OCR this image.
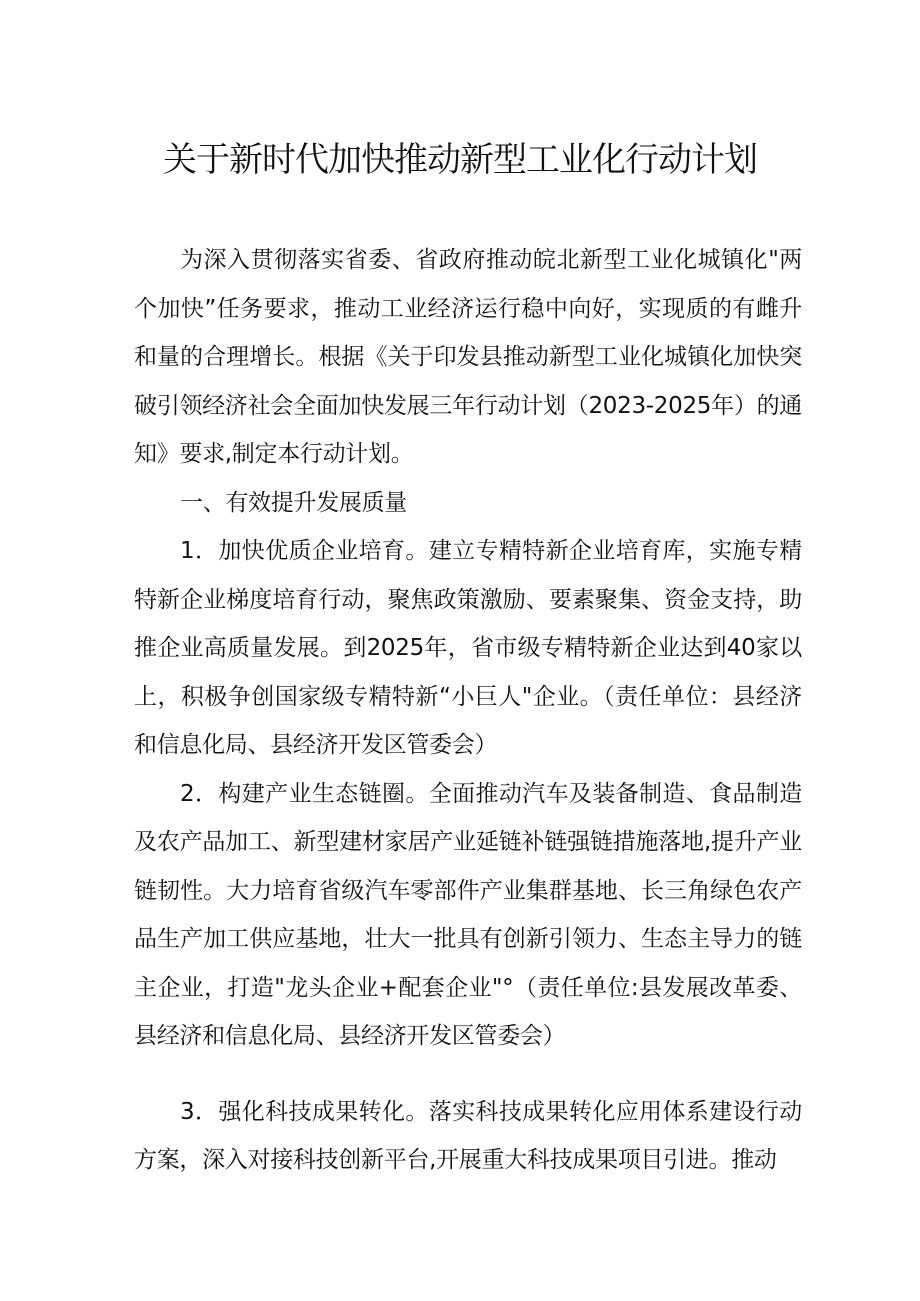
关于新时代加快推动新型工业化行动计划

为深入贯彻落实省委、省政府推动皖北新型工业化城镇化"两个加快”任务要求，推动工业经济运行稳中向好，实现质的有雌升和量的合理增长。根据《关于印发县推动新型工业化城镇化加快突破引领经济社会全面加快发展三年行动计划（2023-2025年）的通知》要求,制定本行动计划。

一、有效提升发展质量

1．加快优质企业培育。建立专精特新企业培育库，实施专精特新企业梯度培育行动，聚焦政策激励、要素聚集、资金支持，助推企业高质量发展。到2025年，省市级专精特新企业达到40家以上，积极争创国家级专精特新“小巨人"企业。（责任单位：县经济和信息化局、县经济开发区管委会）

2．构建产业生态链圈。全面推动汽车及装备制造、食品制造及农产品加工、新型建材家居产业延链补链强链措施落地,提升产业链韧性。大力培育省级汽车零部件产业集群基地、长三角绿色农产品生产加工供应基地，壮大一批具有创新引领力、生态主导力的链主企业，打造"龙头企业+配套企业"°（责任单位:县发展改革委、县经济和信息化局、县经济开发区管委会）

3．强化科技成果转化。落实科技成果转化应用体系建设行动方案，深入对接科技创新平台,开展重大科技成果项目引进。推动
